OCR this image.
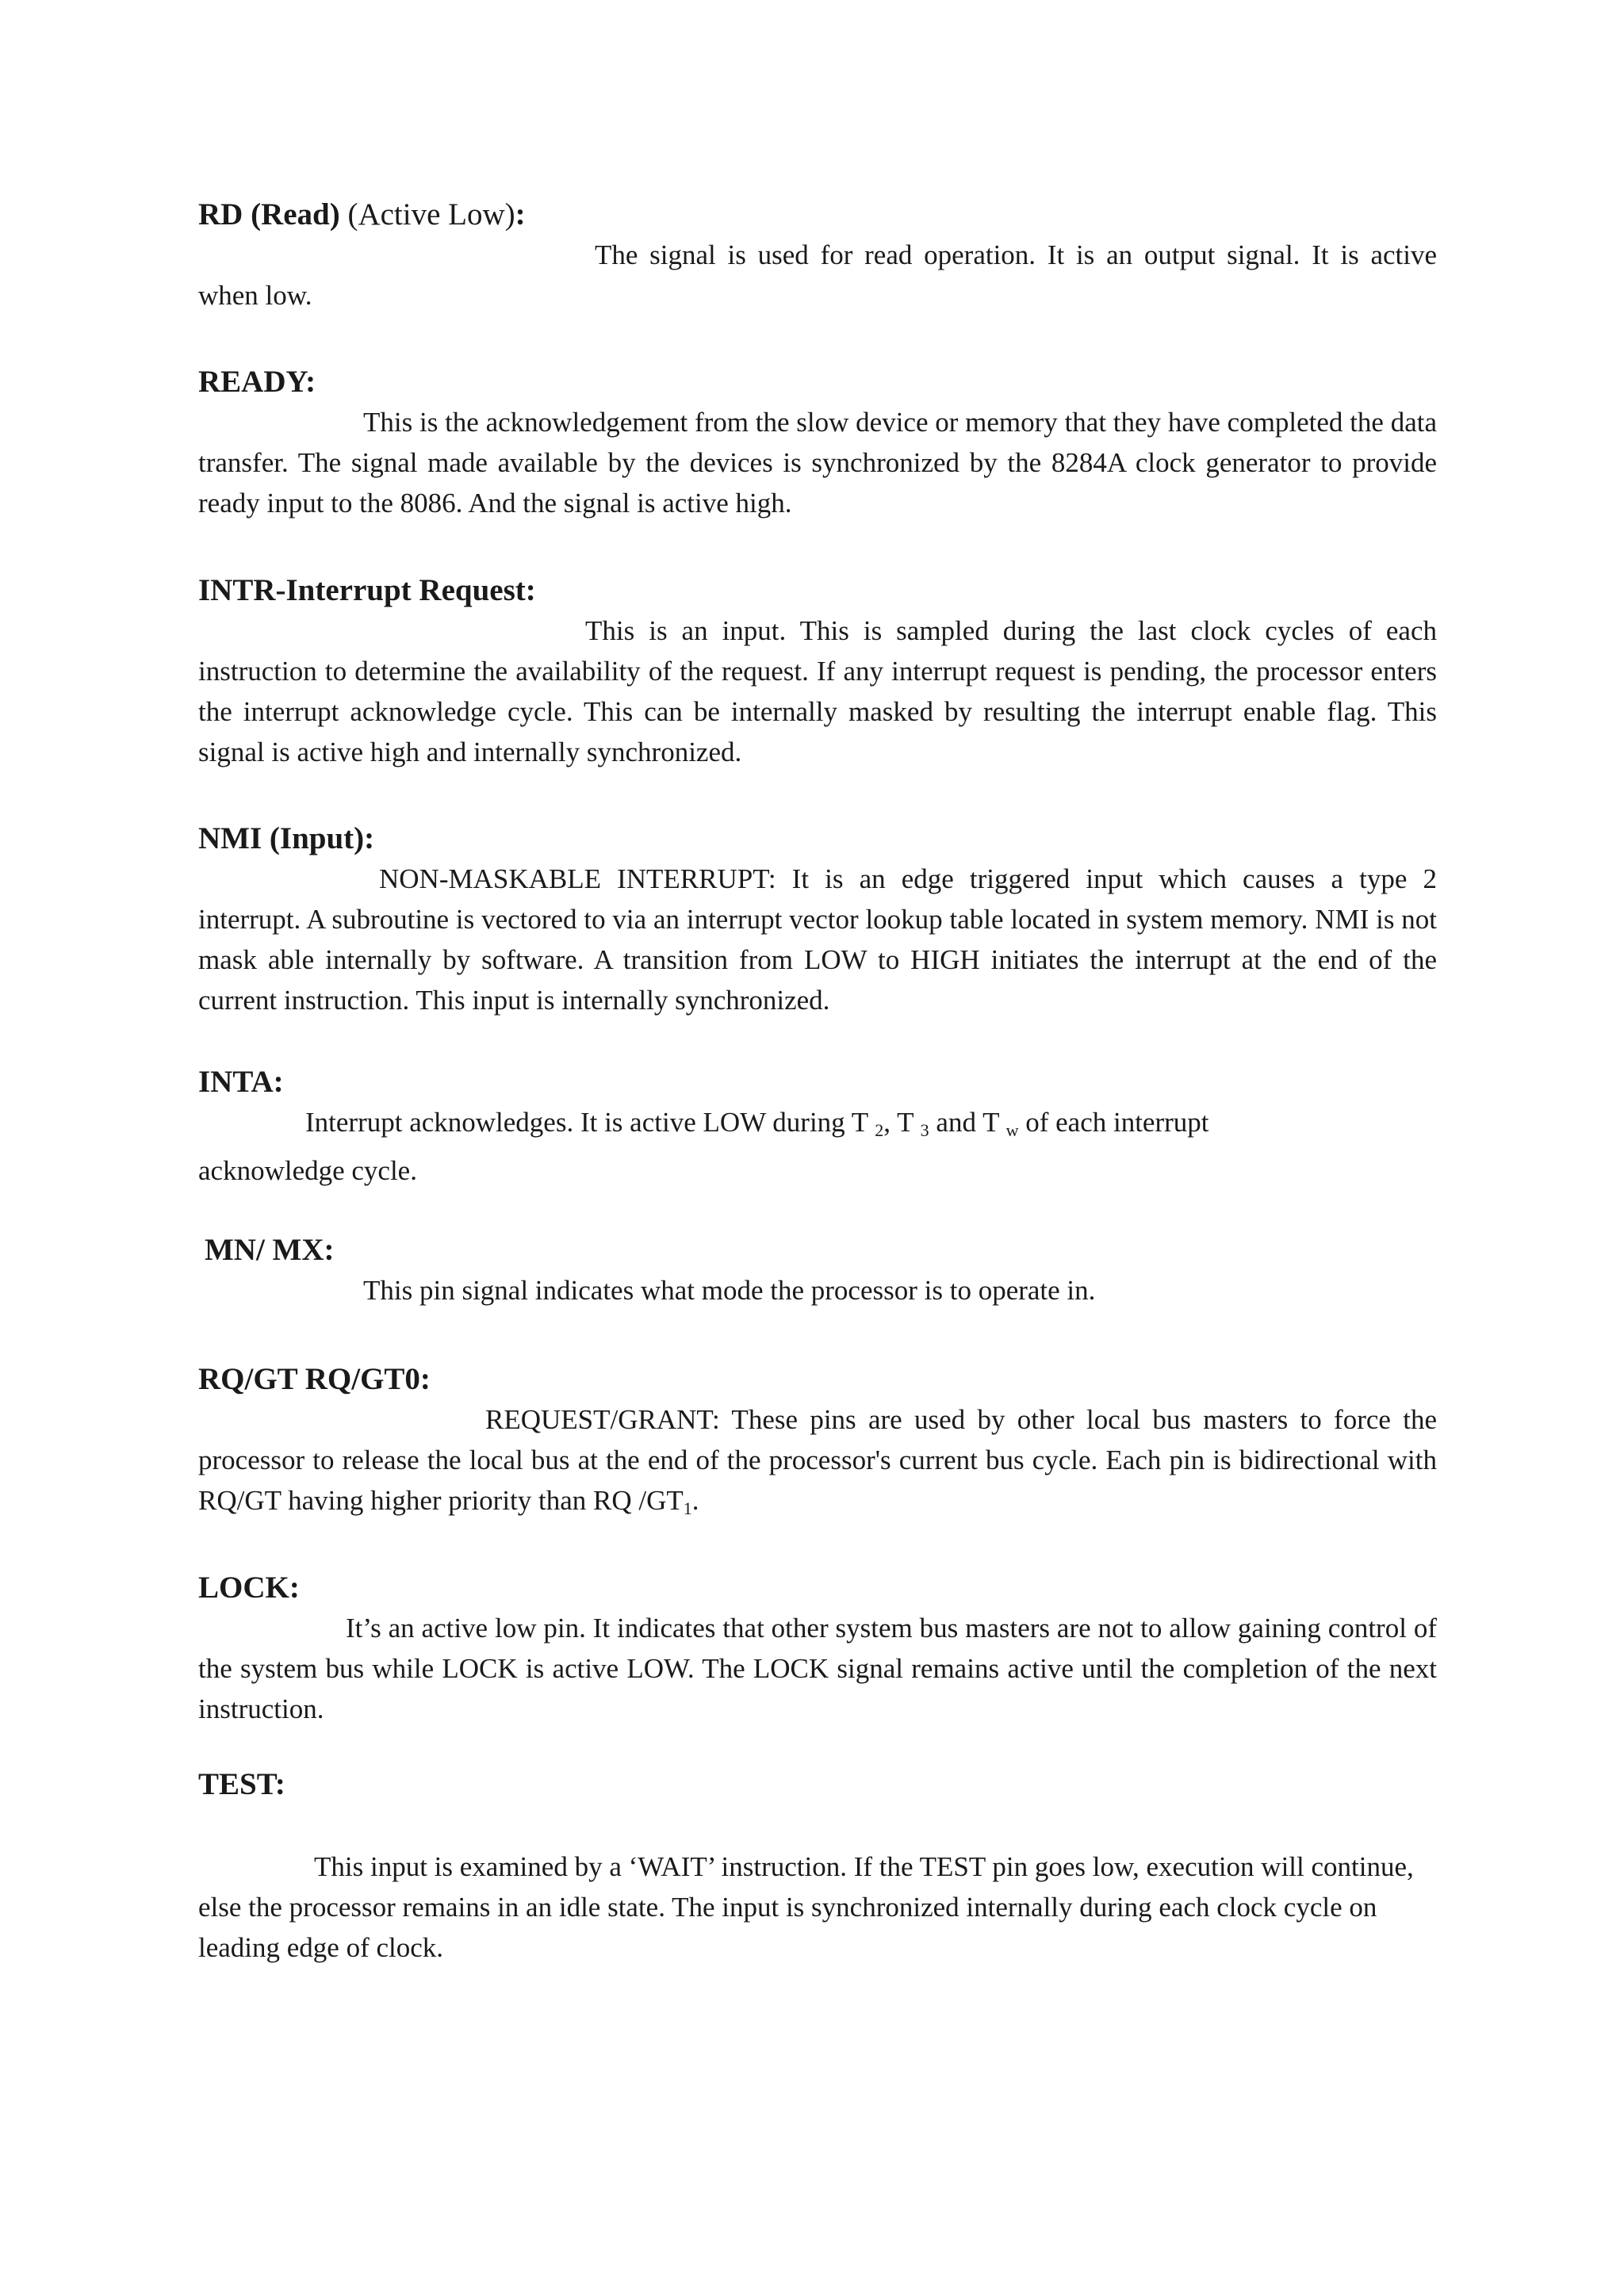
RD (Read) (Active Low):

The signal is used for read operation. It is an output signal. It is active when low.

READY:

This is the acknowledgement from the slow device or memory that they have completed the data transfer. The signal made available by the devices is synchronized by the 8284A clock generator to provide ready input to the 8086. And the signal is active high.

INTR-Interrupt Request:

This is an input. This is sampled during the last clock cycles of each instruction to determine the availability of the request. If any interrupt request is pending, the processor enters the interrupt acknowledge cycle. This can be internally masked by resulting the interrupt enable flag. This signal is active high and internally synchronized.

NMI (Input):

NON-MASKABLE INTERRUPT: It is an edge triggered input which causes a type 2 interrupt. A subroutine is vectored to via an interrupt vector lookup table located in system memory. NMI is not mask able internally by software. A transition from LOW to HIGH initiates the interrupt at the end of the current instruction. This input is internally synchronized.

INTA:

Interrupt acknowledges. It is active LOW during T $_2$, T $_3$ and T $_w$ of each interrupt
acknowledge cycle.

MN/ MX:

This pin signal indicates what mode the processor is to operate in.

RQ/GT RQ/GT0:

REQUEST/GRANT: These pins are used by other local bus masters to force the processor to release the local bus at the end of the processor's current bus cycle. Each pin is bidirectional with RQ/GT having higher priority than RQ $/GT_1$.

LOCK:

It’s an active low pin. It indicates that other system bus masters are not to allow gaining control of the system bus while LOCK is active LOW. The LOCK signal remains active until the completion of the next instruction.

TEST:

This input is examined by a ‘WAIT’ instruction. If the TEST pin goes low, execution will continue, else the processor remains in an idle state. The input is synchronized internally during each clock cycle on leading edge of clock.
